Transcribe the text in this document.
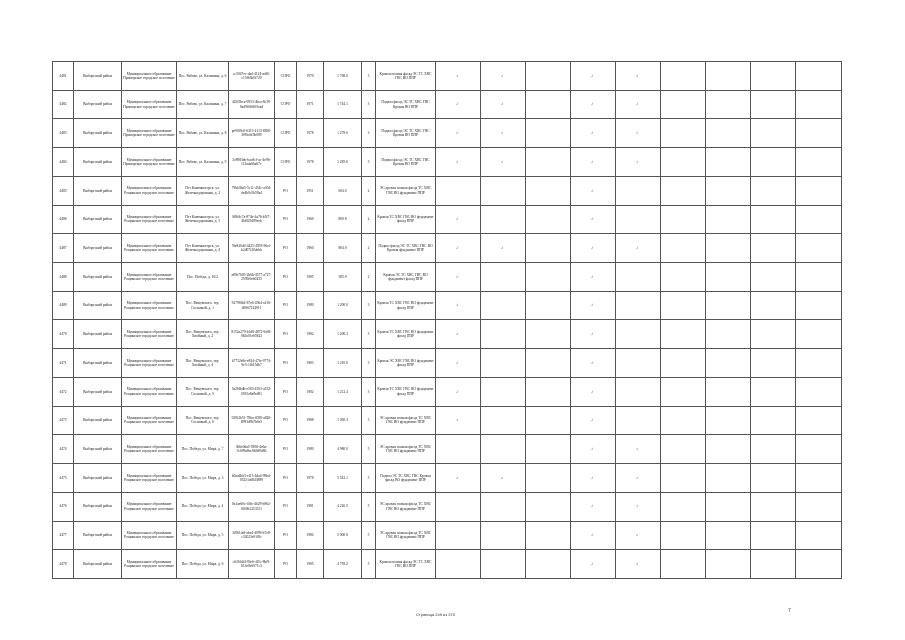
4481	Выборгский район	Муниципальное образование Приморское городское поселение	Пос. Рябово, ул. Калинина, д. 6	cc5047ec-dad-4124-adf6-c15f63b0f729	СОРО	1970	1 768.6	3	Кровля полная фасад ЭС ТС ХВС ГВС ВО ППР	✓	✓		✓	✓				
4482	Выборгский район	Муниципальное образование Приморское городское поселение	Пос. Рябово, ул. Калинина, д. 7	425f5bca-0953-4bca-8c39-9ad9f0f6b91ead	СОРО	1971	1 744.1	3	Подвал фасад ЭС ТС ХВС ГВС Кровля ВО ППР	✓	✓		✓	✓				
4483	Выборгский район	Муниципальное образование Приморское городское поселение	Пос. Рябово, ул. Калинина, д. 8	pe90f9c0-6315-4113-8830-3f96cbf5b089	СОРО	1978	1 278.6	3	Подвал фасад ЭС ТС ХВС ГВС Кровля ВО ППР	✓	✓		✓	✓				
4484	Выборгский район	Муниципальное образование Приморское городское поселение	Пос. Рябово, ул. Калинина, д. 9	3c8983eb-bac8cf-ac-4e96-f13ada6ba67c	СОРО	1978	1 285.6	3	Подвал фасад ЭС ТС ХВС ГВС Кровля ВО ППР	✓	✓		✓	✓				
4485	Выборгский район	Муниципальное образование Рощинское городское поселение	Пгт Каменногорск, ул. Железнодорожная, д. 2	79bb3ba5-5c11-454c-a304-de4b9c5b59a4	РО	1951	604.0	2	ЭС кровля полная фасад ТС ХВС ГВС ВО фундамент ППР				✓					
4486	Выборгский район	Муниципальное образование Рощинское городское поселение	Пгт Каменногорск, ул. Железнодорожная, д. 3	8f8fdc7a-874e-4a76-b5f7-4b8f29489eeb	РО	1960	800.8	2	Кровля ТС ХВС ГВС ВО фундамент фасад ППР	✓			✓					
4487	Выборгский район	Муниципальное образование Рощинское городское поселение	Пгт Каменногорск, ул. Железнодорожная, д. 4	9fe820d4-4425-4593-96ef-b2d07f20debb	РО	1960	804.0	2	Подвал фасад ЭС ТС ХВС ГВС ВО Кровля фундамент ППР	✓	✓		✓	✓				
4488	Выборгский район	Муниципальное образование Рощинское городское поселение	Пос. Победа, д. 16/2	a89e7605-2b6b-4577-a727-2595f6eb0235	РО	1985	585.9	2	Кровля ЭС ТС ХВС ГВС ВО фундамент фасад ППР	✓			✓					
4489	Выборгский район	Муниципальное образование Рощинское городское поселение	Пос. Вещевского, тер. Сосновый, д. 1	92798fb4-87e4-4564-a136-d0667224911	РО	1980	1 200.0	3	Кровля ТС ХВС ГВС ВО фундамент фасад ППР	✓			✓					
4470	Выборгский район	Муниципальное образование Рощинское городское поселение	Пос. Вещевского, тер. Хвойный, д. 2	8152a279-b1d8-4872-9a94-0b5a01e65823	РО	1982	1 200.3	3	Кровля ТС ХВС ГВС ВО фундамент фасад ППР	✓			✓					
4471	Выборгский район	Муниципальное образование Рощинское городское поселение	Пос. Вещевского, тер. Хвойный, д. 4	b7732e9e-e834-47fe-9774-9e7c1f615db7	РО	1983	1 210.0	3	Кровля ЭС ХВС ГВС ВО фундамент фасад ППР	✓			✓					
4472	Выборгский район	Муниципальное образование Рощинское городское поселение	Пос. Вещевского, тер. Сосновый, д. 5	5a28fbdb-e583-4503-a532-0915e8a8ed81	РО	1982	1 212.4	3	Кровля ТС ХВС ГВС ВО фундамент фасад ППР	✓			✓					
4473	Выборгский район	Муниципальное образование Рощинское городское поселение	Пос. Вещевского, тер. Сосновый, д. 6	029f2b51-78ba-4058-a820-8993d9b7b6e5	РО	1988	1 050.3	3	ЭС кровля полная фасад ТС ХВС ГВС ВО фундамент ППР	✓			✓					
4474	Выборгский район	Муниципальное образование Рощинское городское поселение	Пос. Победа, ул. Мира, д. 7	366e0da5-5856-4e6a-5c699a8ec6b9d9d8b	РО	1980	4 980.0	5	ЭС кровля полная фасад ТС ХВС ГВС ВО фундамент ППР				✓	✓				
4475	Выборгский район	Муниципальное образование Рощинское городское поселение	Пос. Победа, ул. Мира, д. 3	b0aa4b63-ef13-4da4-99bd-05231a6843889	РО	1978	5 543.1	5	Подвал ЭС ТС ХВС ГВС Кровля фасад ВО фундамент ППР	✓	✓		✓	✓				
4476	Выборгский район	Муниципальное образование Рощинское городское поселение	Пос. Победа, ул. Мира, д. 4	0a1ae60c-4f6c-4b29-b962-0f60b1253311	РО	1981	4 226.5	5	ЭС кровля полная фасад ТС ХВС ГВС ВО фундамент ППР				✓	✓				
4477	Выборгский район	Муниципальное образование Рощинское городское поселение	Пос. Победа, ул. Мира, д. 5	3f961fa8-abe4-4099-b7e8-c32023e91f8c	РО	1984	5 000.0	5	ЭС кровля полная фасад ТС ХВС ГВС ВО фундамент ППР				✓	✓				
4478	Выборгский район	Муниципальное образование Рощинское городское поселение	Пос. Победа, ул. Мира, д. 6	c626fdf4-93e6-4f5c-8bf9-613e0e6971c3	РО	1985	4 795.2	5	Кровля полная фасад ЭС ТС ХВС ГВС ВО ППР				✓	✓				
Страница 249 из 375
7
